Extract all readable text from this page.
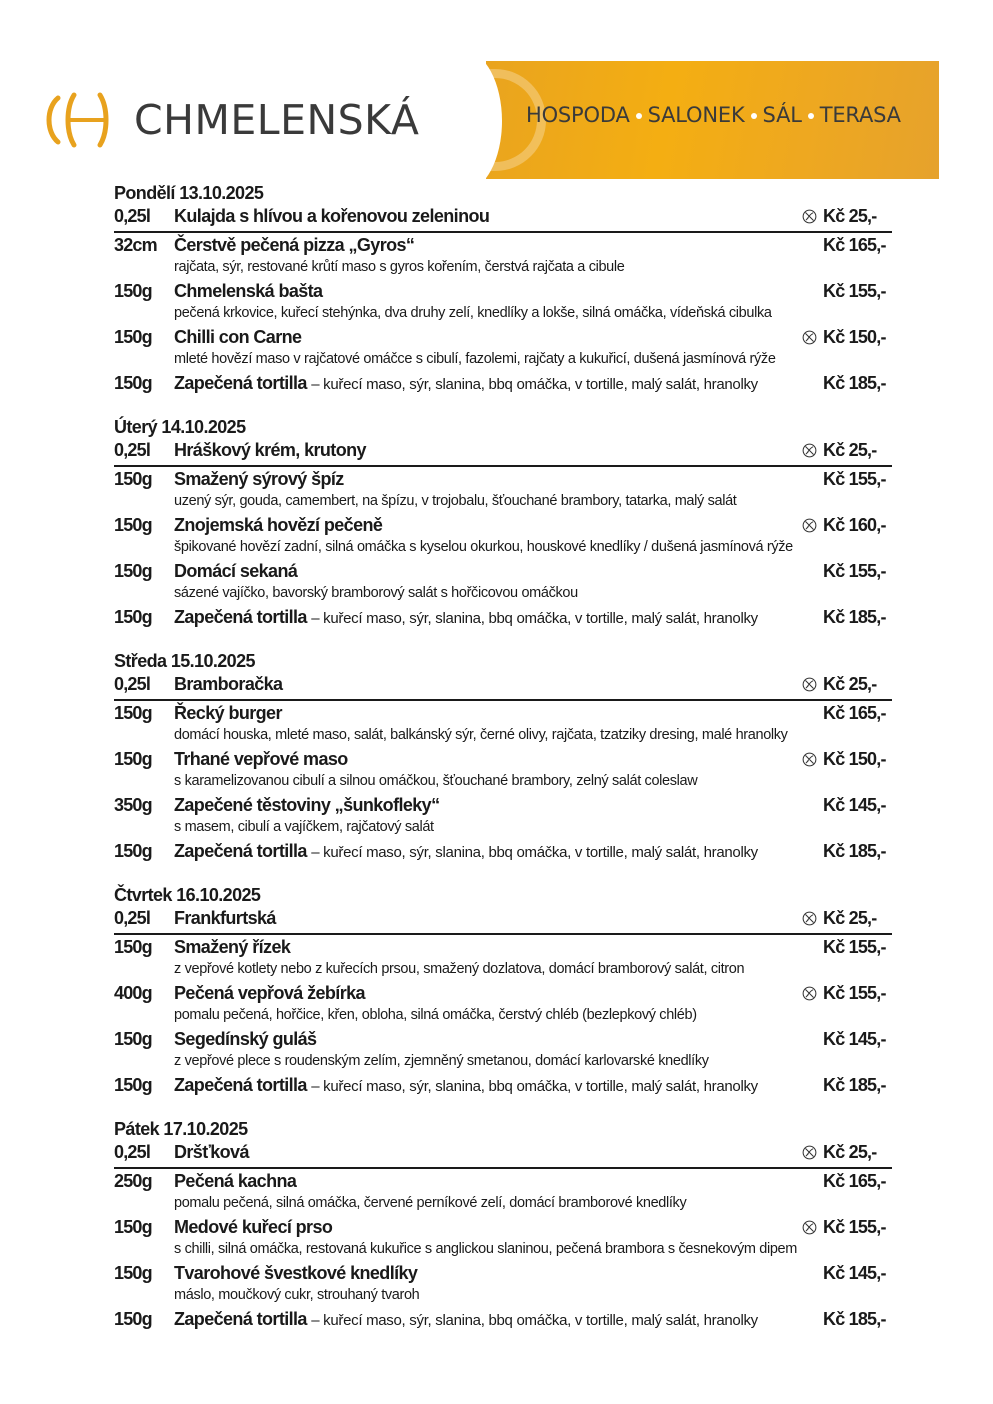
CHMELENSKÁ	HOSPODA SALONEK SÁL TERASA
Pondělí 13.10.2025
0,25l	Kulajda s hlívou a kořenovou zeleninou	Kč 25,-
32cm Čerstvě pečená pizza „Gyros“	Kč 165,-
rajčata, sýr, restované krůtí maso s gyros kořením, čerstvá rajčata a cibule
150g	Chmelenská bašta	Kč 155,-
pečená krkovice, kuřecí stehýnka, dva druhy zelí, knedlíky a lokše, silná omáčka, vídeňská cibulka
150g	Chilli con Carne	Kč 150,-
mleté hovězí maso v rajčatové omáčce s cibulí, fazolemi, rajčaty a kukuřicí, dušená jasmínová rýže
150g	Zapečená tortilla – kuřecí maso, sýr, slanina, bbq omáčka, v tortille, malý salát, hranolky	Kč 185,-
Úterý 14.10.2025
0,25l	Hráškový krém, krutony	Kč 25,-
150g	Smažený sýrový špíz	Kč 155,-
uzený sýr, gouda, camembert, na špízu, v trojobalu, šťouchané brambory, tatarka, malý salát
150g	Znojemská hovězí pečeně	Kč 160,-
špikované hovězí zadní, silná omáčka s kyselou okurkou, houskové knedlíky / dušená jasmínová rýže
150g	Domácí sekaná	Kč 155,-
sázené vajíčko, bavorský bramborový salát s hořčicovou omáčkou
150g	Zapečená tortilla – kuřecí maso, sýr, slanina, bbq omáčka, v tortille, malý salát, hranolky	Kč 185,-
Středa 15.10.2025
0,25l	Bramboračka	Kč 25,-
150g	Řecký burger	Kč 165,-
domácí houska, mleté maso, salát, balkánský sýr, černé olivy, rajčata, tzatziky dresing, malé hranolky
150g	Trhané vepřové maso	Kč 150,-
s karamelizovanou cibulí a silnou omáčkou, šťouchané brambory, zelný salát coleslaw
350g	Zapečené těstoviny „šunkofleky“	Kč 145,-
s masem, cibulí a vajíčkem, rajčatový salát
150g	Zapečená tortilla – kuřecí maso, sýr, slanina, bbq omáčka, v tortille, malý salát, hranolky	Kč 185,-
Čtvrtek 16.10.2025
0,25l	Frankfurtská	Kč 25,-
150g	Smažený řízek	Kč 155,-
z vepřové kotlety nebo z kuřecích prsou, smažený dozlatova, domácí bramborový salát, citron
400g	Pečená vepřová žebírka	Kč 155,-
pomalu pečená, hořčice, křen, obloha, silná omáčka, čerstvý chléb (bezlepkový chléb)
150g	Segedínský guláš	Kč 145,-
z vepřové plece s roudenským zelím, zjemněný smetanou, domácí karlovarské knedlíky
150g	Zapečená tortilla – kuřecí maso, sýr, slanina, bbq omáčka, v tortille, malý salát, hranolky	Kč 185,-
Pátek 17.10.2025
0,25l	Dršťková	Kč 25,-
250g	Pečená kachna	Kč 165,-
pomalu pečená, silná omáčka, červené perníkové zelí, domácí bramborové knedlíky
150g	Medové kuřecí prso	Kč 155,-
s chilli, silná omáčka, restovaná kukuřice s anglickou slaninou, pečená brambora s česnekovým dipem
150g	Tvarohové švestkové knedlíky	Kč 145,-
máslo, moučkový cukr, strouhaný tvaroh
150g	Zapečená tortilla – kuřecí maso, sýr, slanina, bbq omáčka, v tortille, malý salát, hranolky	Kč 185,-
